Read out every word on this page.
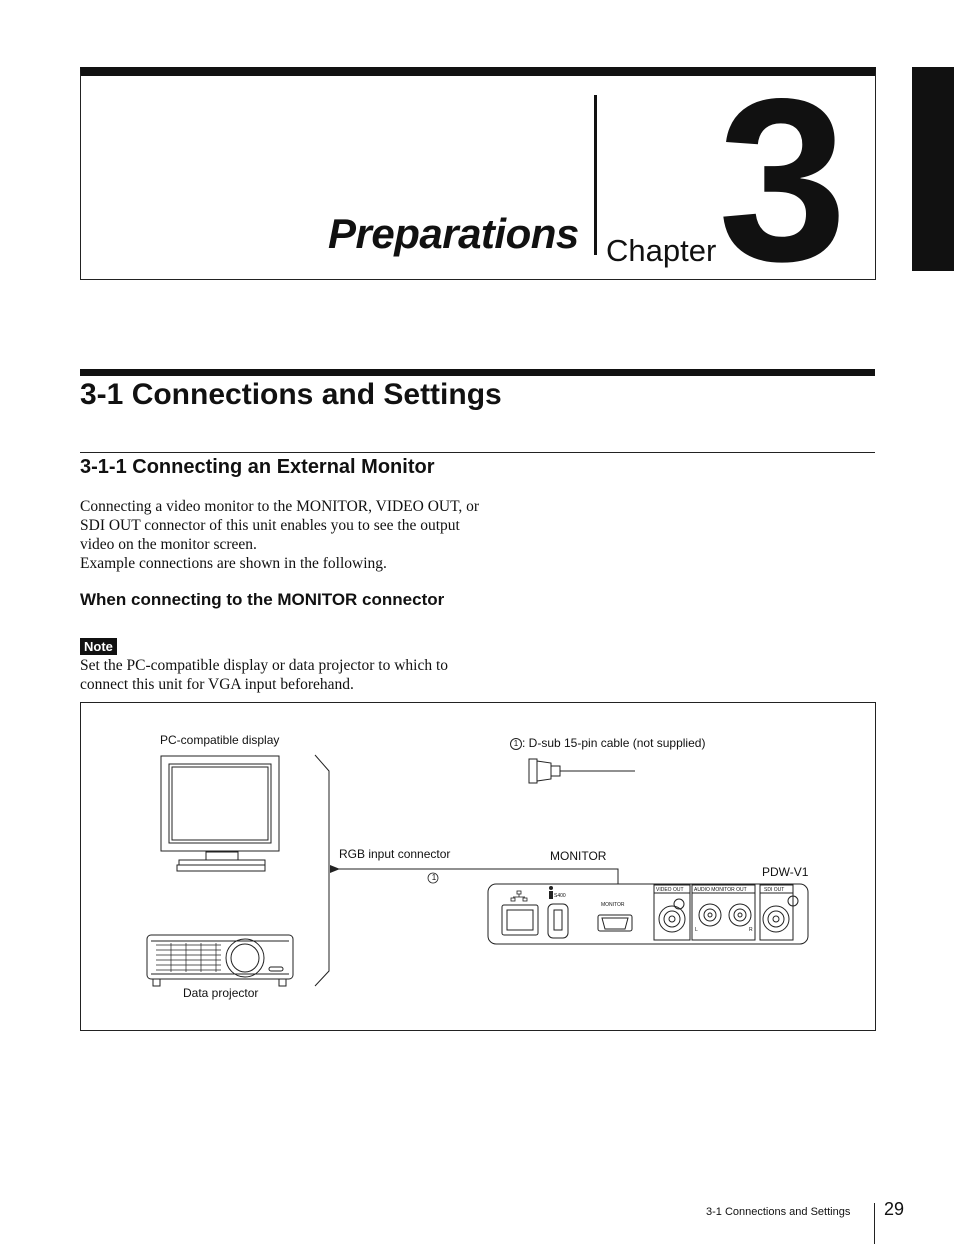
Preparations Chapter 3
3-1 Connections and Settings
3-1-1 Connecting an External Monitor

Connecting a video monitor to the MONITOR, VIDEO OUT, or SDI OUT connector of this unit enables you to see the output video on the monitor screen.

Example connections are shown in the following.

When connecting to the MONITOR connector
Note
Set the PC-compatible display or data projector to which to connect this unit for VGA input beforehand.
PC-compatible display
Data projector
1 : D-sub 15-pin cable (not supplied)
1
RGB input connector	MONITOR
PDW-V1
S400
MONITOR
VIDEO OUT AUDIO MONITOR OUT	SDI OUT
L	R
3-1 Connections and Settings 29
